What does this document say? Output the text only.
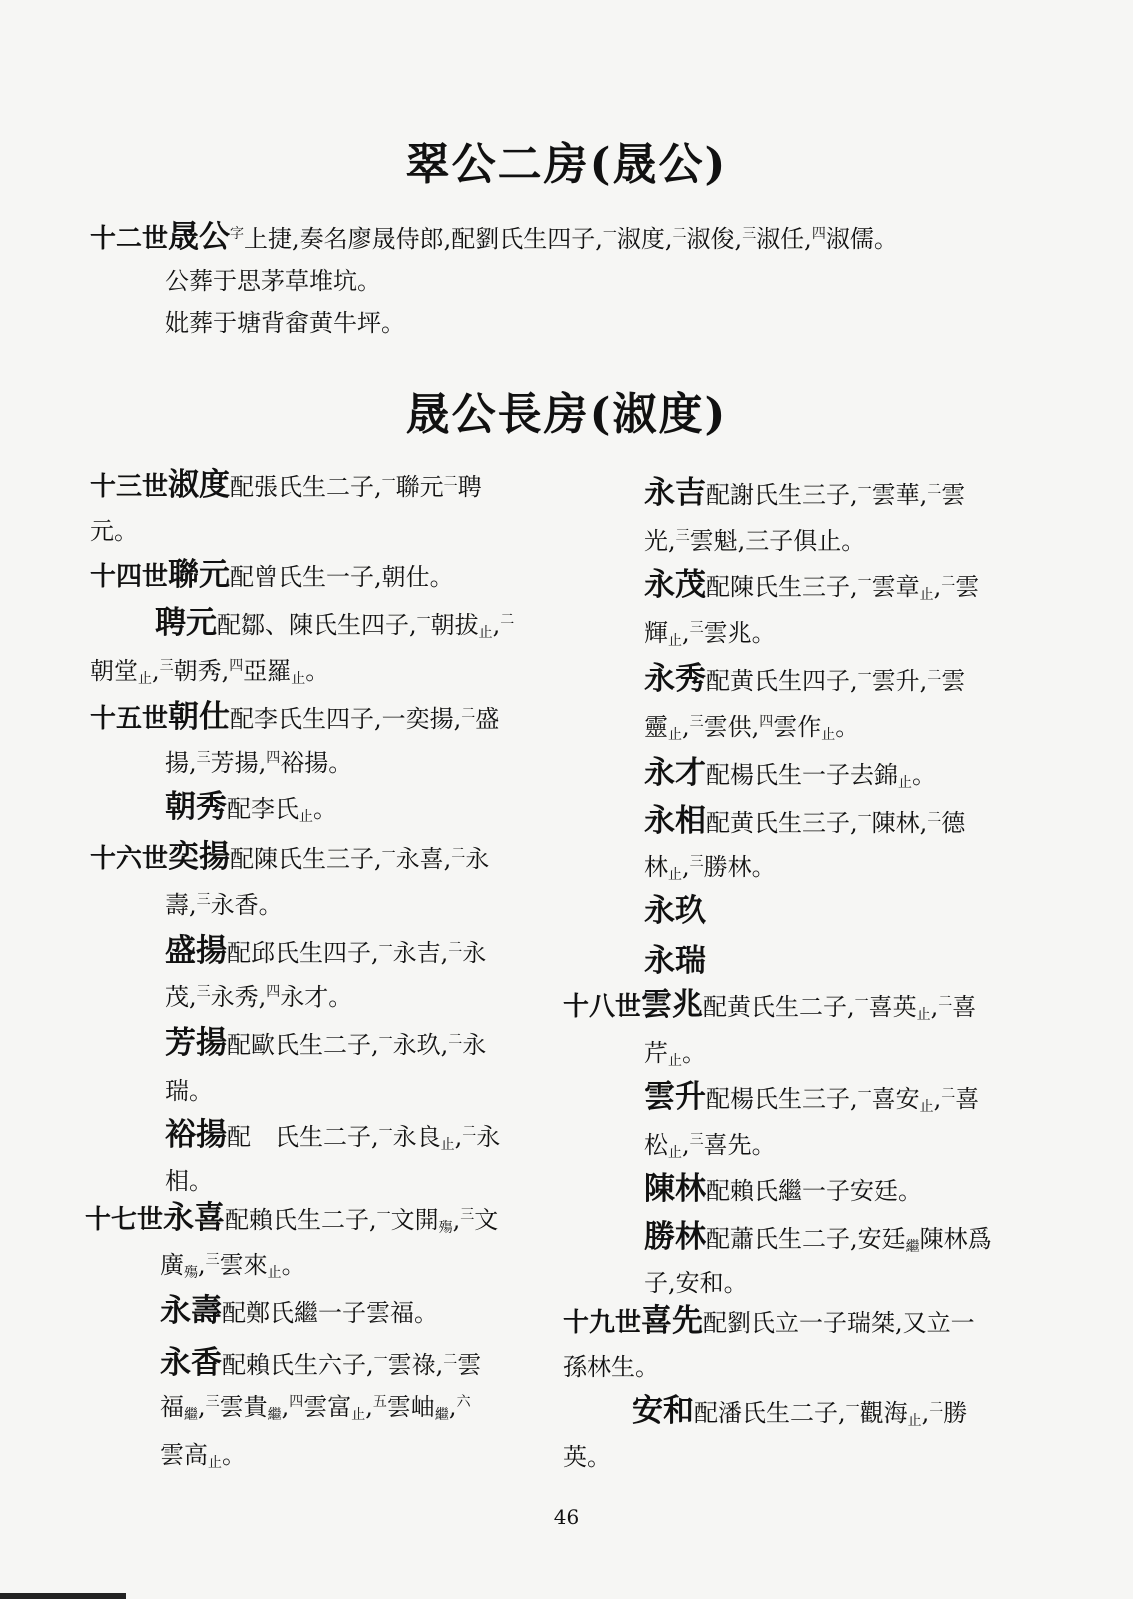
翠公二房(晟公)
晟公長房(淑度)
十二世晟公$^字$上捷,奏名廖晟侍郎,配劉氏生四子,$^一$淑度,$^二$淑俊,$^三$淑任,$^四$淑儒。
公葬于思茅草堆坑。
妣葬于塘背畲黄牛坪。
十三世淑度配張氏生二子,$^一$聯元$^二$聘
元。
十四世聯元配曾氏生一子,朝仕。
聘元配鄒、陳氏生四子,$^一$朝拔$_止$,$^二$
朝堂$_止$,$^三$朝秀,$^四$亞羅$_止$。
十五世朝仕配李氏生四子,一奕揚,$^二$盛
揚,$^三$芳揚,$^四$裕揚。
朝秀配李氏$_止$。
十六世奕揚配陳氏生三子,$^一$永喜,$^二$永
壽,$^三$永香。
盛揚配邱氏生四子,$^一$永吉,$^二$永
茂,$^三$永秀,$^四$永才。
芳揚配歐氏生二子,$^一$永玖,$^二$永
瑞。
裕揚配　氏生二子,$^一$永良$_止$,$^二$永
相。
十七世永喜配賴氏生二子,$^一$文開$_殤$,$^三$文
廣$_殤$,$^三$雲來$_止$。
永壽配鄭氏繼一子雲福。
永香配賴氏生六子,$^一$雲祿,$^二$雲
福$_繼$,$^三$雲貴$_繼$,$^四$雲富$_止$,$^五$雲岫$_繼$,$^六$
雲高$_止$。
永吉配謝氏生三子,$^一$雲華,$^二$雲
光,$^三$雲魁,三子俱止。
永茂配陳氏生三子,$^一$雲章$_止$,$^二$雲
輝$_止$,$^三$雲兆。
永秀配黄氏生四子,$^一$雲升,$^二$雲
靈$_止$,$^三$雲供,$^四$雲作$_止$。
永才配楊氏生一子去錦$_止$。
永相配黄氏生三子,$^一$陳林,$^二$德
林$_止$,$^三$勝林。
永玖
永瑞
十八世雲兆配黄氏生二子,$^一$喜英$_止$,$^二$喜
芹$_止$。
雲升配楊氏生三子,$^一$喜安$_止$,$^二$喜
松$_止$,$^三$喜先。
陳林配賴氏繼一子安廷。
勝林配蕭氏生二子,安廷$_繼$陳林爲
子,安和。
十九世喜先配劉氏立一子瑞桀,又立一
孫林生。
安和配潘氏生二子,$^一$觀海$_止$,$^二$勝
英。
46
